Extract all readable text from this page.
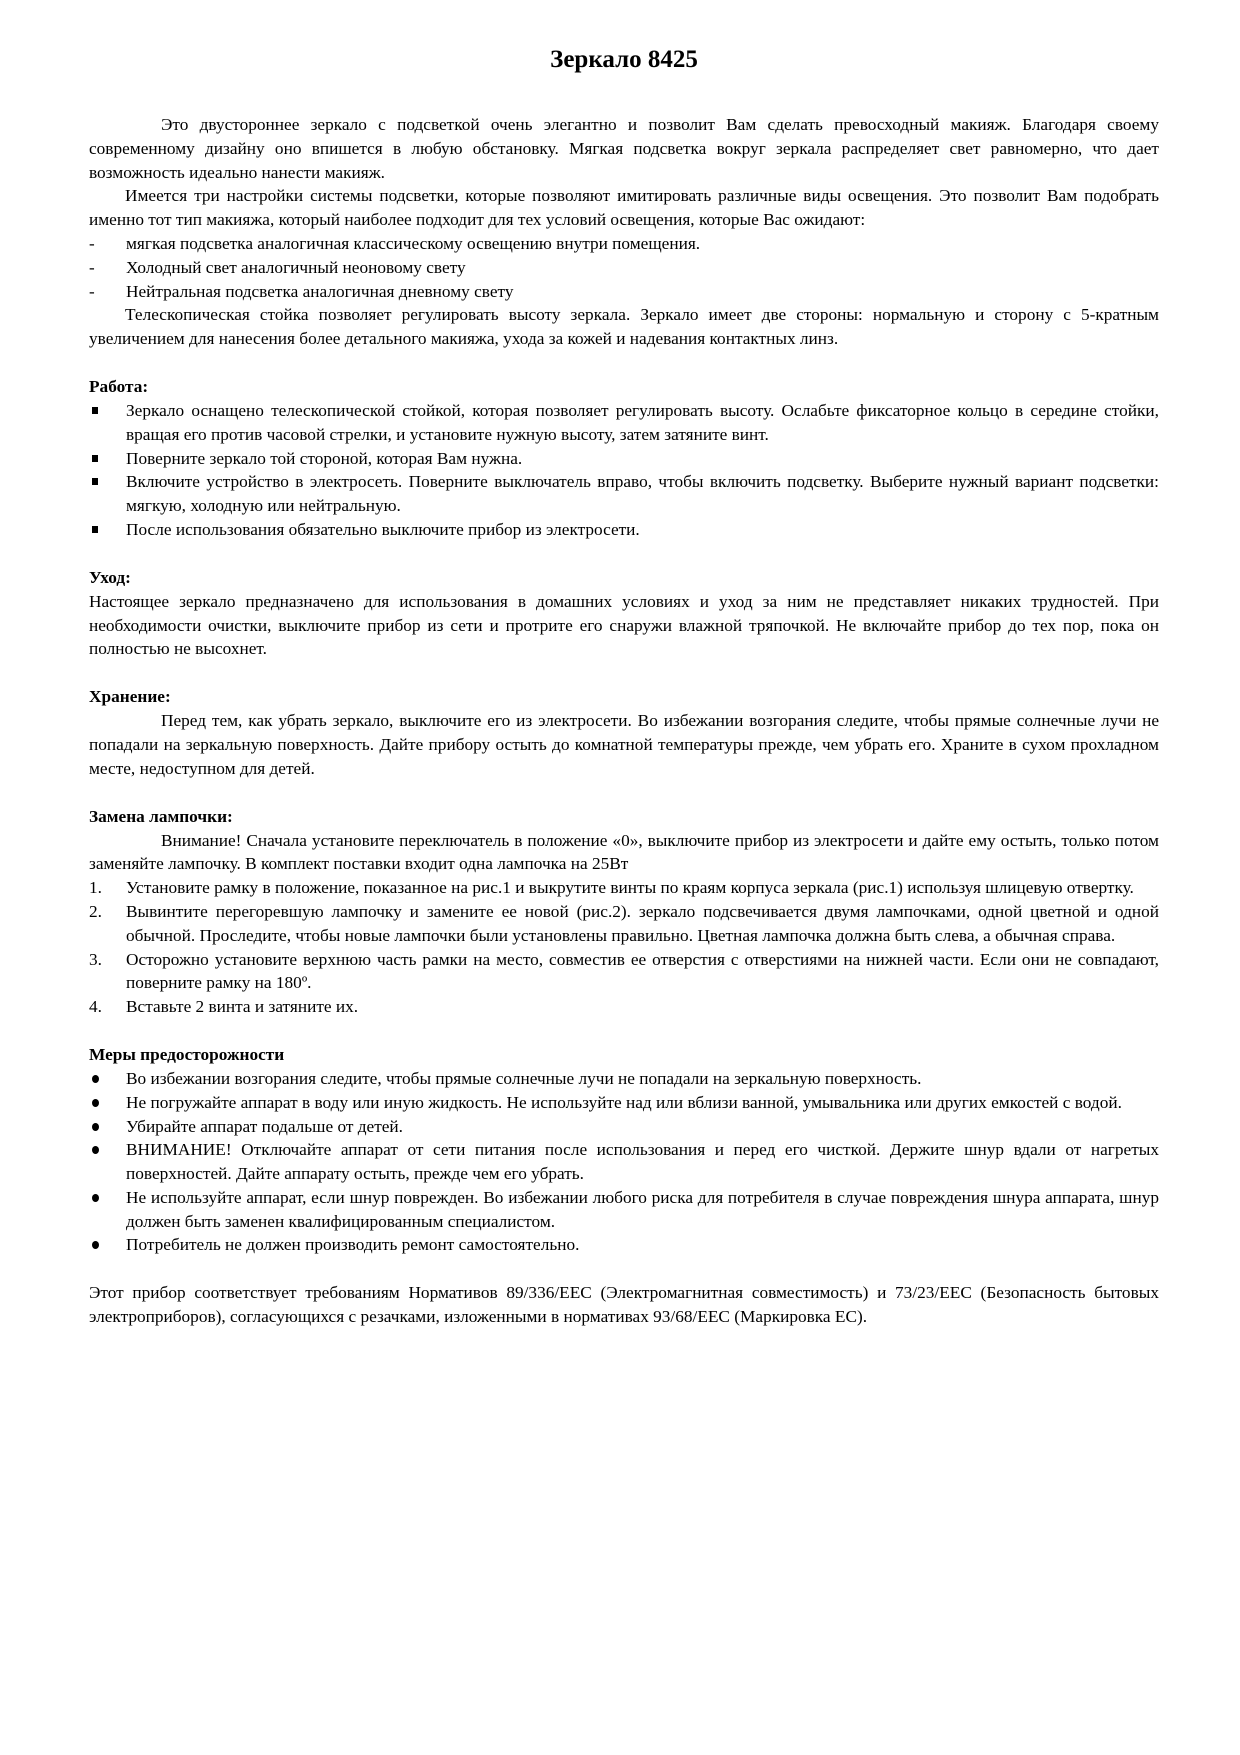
Зеркало 8425

Это двустороннее зеркало с подсветкой очень элегантно и позволит Вам сделать превосходный макияж. Благодаря своему современному дизайну оно впишется в любую обстановку. Мягкая подсветка вокруг зеркала распределяет свет равномерно, что дает возможность идеально нанести макияж.

Имеется три настройки системы подсветки, которые позволяют имитировать различные виды освещения. Это позволит Вам подобрать именно тот тип макияжа, который наиболее подходит для тех условий освещения, которые Вас ожидают:

-	мягкая подсветка аналогичная классическому освещению внутри помещения.
-	Холодный свет аналогичный неоновому свету
-	Нейтральная подсветка аналогичная дневному свету

Телескопическая стойка позволяет регулировать высоту зеркала. Зеркало имеет две стороны: нормальную и сторону с 5-кратным увеличением для нанесения более детального макияжа, ухода за кожей и надевания контактных линз.

Работа:

Зеркало оснащено телескопической стойкой, которая позволяет регулировать высоту. Ослабьте фиксаторное кольцо в середине стойки, вращая его против часовой стрелки, и установите нужную высоту, затем затяните винт.
Поверните зеркало той стороной, которая Вам нужна.
Включите устройство в электросеть. Поверните выключатель вправо, чтобы включить подсветку. Выберите нужный вариант подсветки: мягкую, холодную или нейтральную.
После использования обязательно выключите прибор из электросети.

Уход:

Настоящее зеркало предназначено для использования в домашних условиях и уход за ним не представляет никаких трудностей. При необходимости очистки, выключите прибор из сети и протрите его снаружи влажной тряпочкой. Не включайте прибор до тех пор, пока он полностью не высохнет.

Хранение:

Перед тем, как убрать зеркало, выключите его из электросети. Во избежании возгорания следите, чтобы прямые солнечные лучи не попадали на зеркальную поверхность. Дайте прибору остыть до комнатной температуры прежде, чем убрать его. Храните в сухом прохладном месте, недоступном для детей.

Замена лампочки:

Внимание! Сначала установите переключатель в положение «0», выключите прибор из электросети и дайте ему остыть, только потом заменяйте лампочку. В комплект поставки входит одна лампочка на 25Вт

1.	Установите рамку в положение, показанное на рис.1 и выкрутите винты по краям корпуса зеркала (рис.1) используя шлицевую отвертку.
2.	Вывинтите перегоревшую лампочку и замените ее новой (рис.2). зеркало подсвечивается двумя лампочками, одной цветной и одной обычной. Проследите, чтобы новые лампочки были установлены правильно. Цветная лампочка должна быть слева, а обычная справа.
3.	Осторожно установите верхнюю часть рамки на место, совместив ее отверстия с отверстиями на нижней части. Если они не совпадают, поверните рамку на 180º.
4.	Вставьте 2 винта и затяните их.

Меры предосторожности

Во избежании возгорания следите, чтобы прямые солнечные лучи не попадали на зеркальную поверхность.
Не погружайте аппарат в воду или иную жидкость. Не используйте над или вблизи ванной, умывальника или других емкостей с водой.
Убирайте аппарат подальше от детей.
ВНИМАНИЕ! Отключайте аппарат от сети питания после использования и перед его чисткой. Держите шнур вдали от нагретых поверхностей. Дайте аппарату остыть, прежде чем его убрать.
Не используйте аппарат, если шнур поврежден. Во избежании любого риска для потребителя в случае повреждения шнура аппарата, шнур должен быть заменен квалифицированным специалистом.
Потребитель не должен производить ремонт самостоятельно.

Этот прибор соответствует требованиям Нормативов 89/336/EEC (Электромагнитная совместимость) и 73/23/EEC (Безопасность бытовых электроприборов), согласующихся с резачками, изложенными в нормативах 93/68/EEC (Маркировка ЕС).
